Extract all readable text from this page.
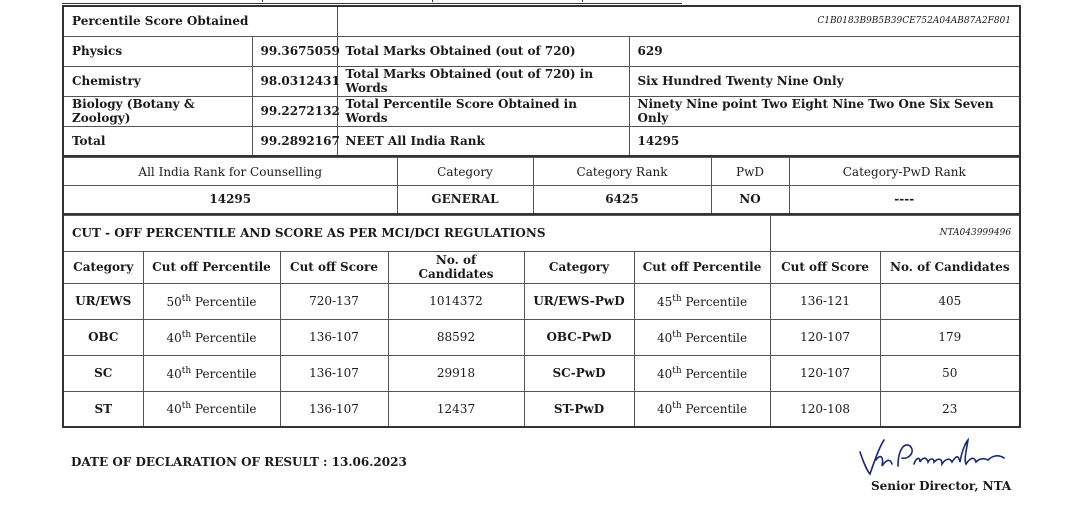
Percentile Score Obtained		C1B0183B9B5B39CE752A04AB87A2F801	
Physics	99.3675059	Total Marks Obtained (out of 720)	629
Chemistry	98.0312431	Total Marks Obtained (out of 720) in Words	Six Hundred Twenty Nine Only
Biology (Botany & Zoology)	99.2272132	Total Percentile Score Obtained in Words	Ninety Nine point Two Eight Nine Two One Six Seven Only
Total	99.2892167	NEET All India Rank	14295
All India Rank for Counselling	Category	Category Rank	PwD	Category-PwD Rank
14295	GENERAL	6425	NO	----
CUT - OFF PERCENTILE AND SCORE AS PER MCI/DCI REGULATIONS						NTA043999496	
Category	Cut off Percentile	Cut off Score	No. of Candidates	Category	Cut off Percentile	Cut off Score	No. of Candidates
UR/EWS	50th Percentile	720-137	1014372	UR/EWS-PwD	45th Percentile	136-121	405
OBC	40th Percentile	136-107	88592	OBC-PwD	40th Percentile	120-107	179
SC	40th Percentile	136-107	29918	SC-PwD	40th Percentile	120-107	50
ST	40th Percentile	136-107	12437	ST-PwD	40th Percentile	120-108	23
DATE OF DECLARATION OF RESULT : 13.06.2023
Senior Director, NTA
